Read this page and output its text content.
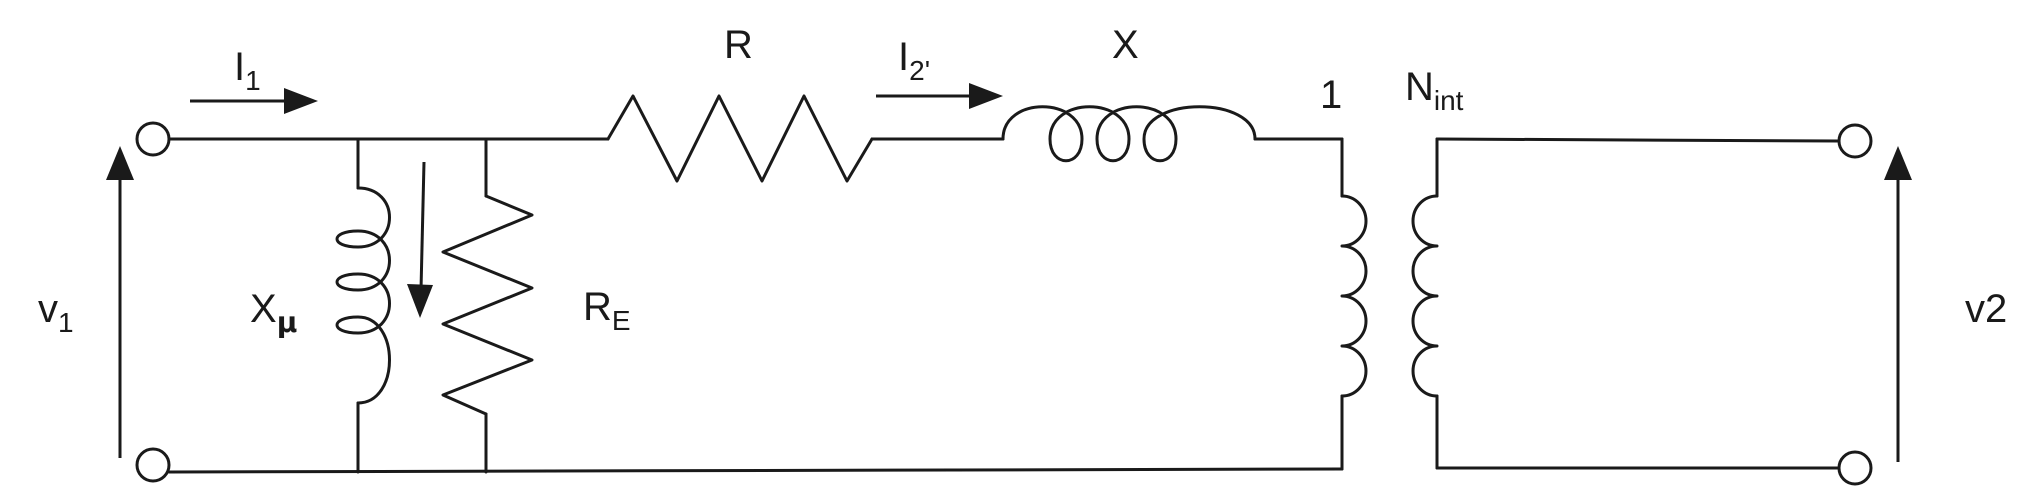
$I_1$
R	$I_{2'}$
X
1 $N_{int}$
$X_\mu$	$R_E$
$v_1$	v2
